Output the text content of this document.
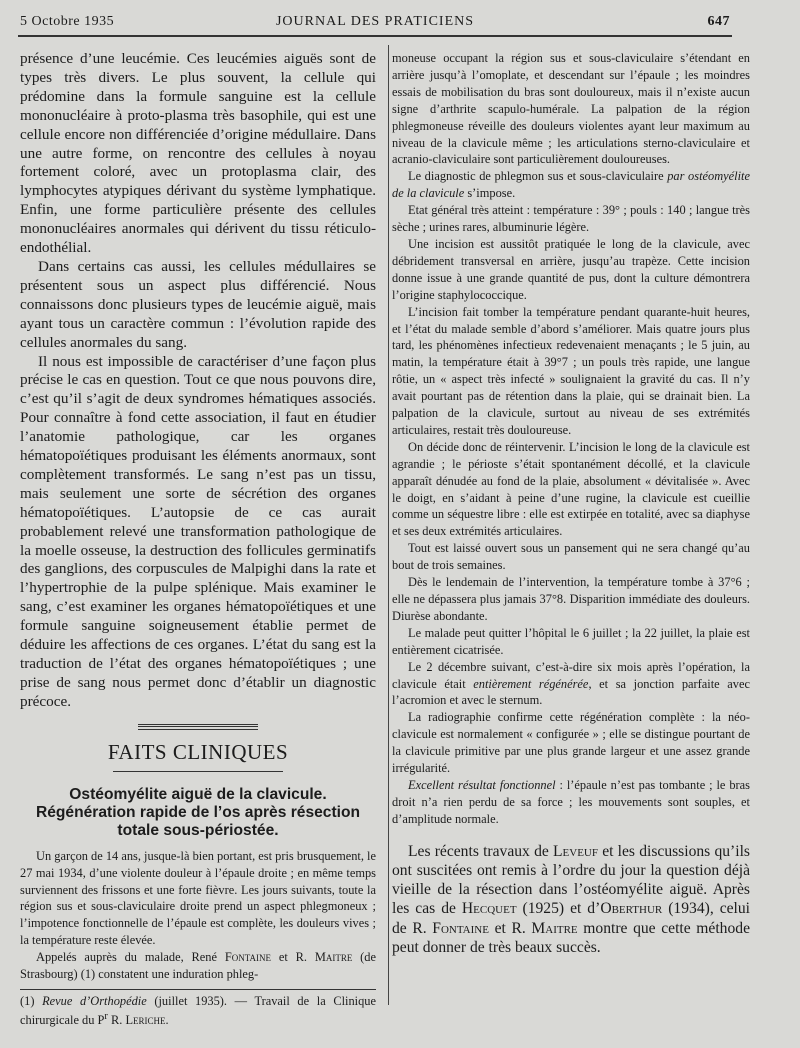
5 Octobre 1935	JOURNAL DES PRATICIENS	647

présence d’une leucémie. Ces leucémies aiguës sont de types très divers. Le plus souvent, la cellule qui prédomine dans la formule sanguine est la cellule mononucléaire à proto-plasma très basophile, qui est une cellule encore non différenciée d’origine médullaire. Dans une autre forme, on rencontre des cellules à noyau fortement coloré, avec un protoplasma clair, des lymphocytes atypiques dérivant du système lymphatique. Enfin, une forme particulière présente des cellules mononucléaires anormales qui dérivent du tissu réticulo-endothélial.

Dans certains cas aussi, les cellules médullaires se présentent sous un aspect plus différencié. Nous connaissons donc plusieurs types de leucémie aiguë, mais ayant tous un caractère commun : l’évolution rapide des cellules anormales du sang.

Il nous est impossible de caractériser d’une façon plus précise le cas en question. Tout ce que nous pouvons dire, c’est qu’il s’agit de deux syndromes hématiques associés. Pour connaître à fond cette association, il faut en étudier l’anatomie pathologique, car les organes hématopoïétiques produisant les éléments anormaux, sont complètement transformés. Le sang n’est pas un tissu, mais seulement une sorte de sécrétion des organes hématopoïétiques. L’autopsie de ce cas aurait probablement relevé une transformation pathologique de la moelle osseuse, la destruction des follicules germinatifs des ganglions, des corpuscules de Malpighi dans la rate et l’hypertrophie de la pulpe splénique. Mais examiner le sang, c’est examiner les organes hématopoïétiques et une formule sanguine soigneusement établie permet de déduire les affections de ces organes. L’état du sang est la traduction de l’état des organes hématopoïétiques ; une prise de sang nous permet donc d’établir un diagnostic précoce.

FAITS CLINIQUES
Ostéomyélite aiguë de la clavicule. Régénération rapide de l’os après résection totale sous-périostée.

Un garçon de 14 ans, jusque-là bien portant, est pris brusquement, le 27 mai 1934, d’une violente douleur à l’épaule droite ; en même temps surviennent des frissons et une forte fièvre. Les jours suivants, toute la région sus et sous-claviculaire droite prend un aspect phlegmoneux ; l’impotence fonctionnelle de l’épaule est complète, les douleurs vives ; la température reste élevée.

Appelés auprès du malade, René Fontaine et R. Maitre (de Strasbourg) (1) constatent une induration phleg-

(1) Revue d’Orthopédie (juillet 1935). — Travail de la Clinique chirurgicale du $P^r$ R. Leriche.

moneuse occupant la région sus et sous-claviculaire s’étendant en arrière jusqu’à l’omoplate, et descendant sur l’épaule ; les moindres essais de mobilisation du bras sont douloureux, mais il n’existe aucun signe d’arthrite scapulo-humérale. La palpation de la région phlegmoneuse réveille des douleurs violentes ayant leur maximum au niveau de la clavicule même ; les articulations sterno-claviculaire et acranio-claviculaire sont particulièrement douloureuses.

Le diagnostic de phlegmon sus et sous-claviculaire par ostéomyélite de la clavicule s’impose.

Etat général très atteint : température : 39° ; pouls : 140 ; langue très sèche ; urines rares, albuminurie légère.

Une incision est aussitôt pratiquée le long de la clavicule, avec débridement transversal en arrière, jusqu’au trapèze. Cette incision donne issue à une grande quantité de pus, dont la culture démontrera l’origine staphylococcique.

L’incision fait tomber la température pendant quarante-huit heures, et l’état du malade semble d’abord s’améliorer. Mais quatre jours plus tard, les phénomènes infectieux redevenaient menaçants ; le 5 juin, au matin, la température était à 39°7 ; un pouls très rapide, une langue rôtie, un « aspect très infecté » soulignaient la gravité du cas. Il n’y avait pourtant pas de rétention dans la plaie, qui se drainait bien. La palpation de la clavicule, surtout au niveau de ses extrémités articulaires, restait très douloureuse.

On décide donc de réintervenir. L’incision le long de la clavicule est agrandie ; le périoste s’était spontanément décollé, et la clavicule apparaît dénudée au fond de la plaie, absolument « dévitalisée ». Avec le doigt, en s’aidant à peine d’une rugine, la clavicule est cueillie comme un séquestre libre : elle est extirpée en totalité, avec sa diaphyse et ses deux extrémités articulaires.

Tout est laissé ouvert sous un pansement qui ne sera changé qu’au bout de trois semaines.

Dès le lendemain de l’intervention, la température tombe à 37°6 ; elle ne dépassera plus jamais 37°8. Disparition immédiate des douleurs. Diurèse abondante.

Le malade peut quitter l’hôpital le 6 juillet ; la 22 juillet, la plaie est entièrement cicatrisée.

Le 2 décembre suivant, c’est-à-dire six mois après l’opération, la clavicule était entièrement régénérée, et sa jonction parfaite avec l’acromion et avec le sternum.

La radiographie confirme cette régénération complète : la néo-clavicule est normalement « configurée » ; elle se distingue pourtant de la clavicule primitive par une plus grande largeur et une assez grande irrégularité.

Excellent résultat fonctionnel : l’épaule n’est pas tombante ; le bras droit n’a rien perdu de sa force ; les mouvements sont souples, et d’amplitude normale.

Les récents travaux de Leveuf et les discussions qu’ils ont suscitées ont remis à l’ordre du jour la question déjà vieille de la résection dans l’ostéomyélite aiguë. Après les cas de Hecquet (1925) et d’Oberthur (1934), celui de R. Fontaine et R. Maitre montre que cette méthode peut donner de très beaux succès.
